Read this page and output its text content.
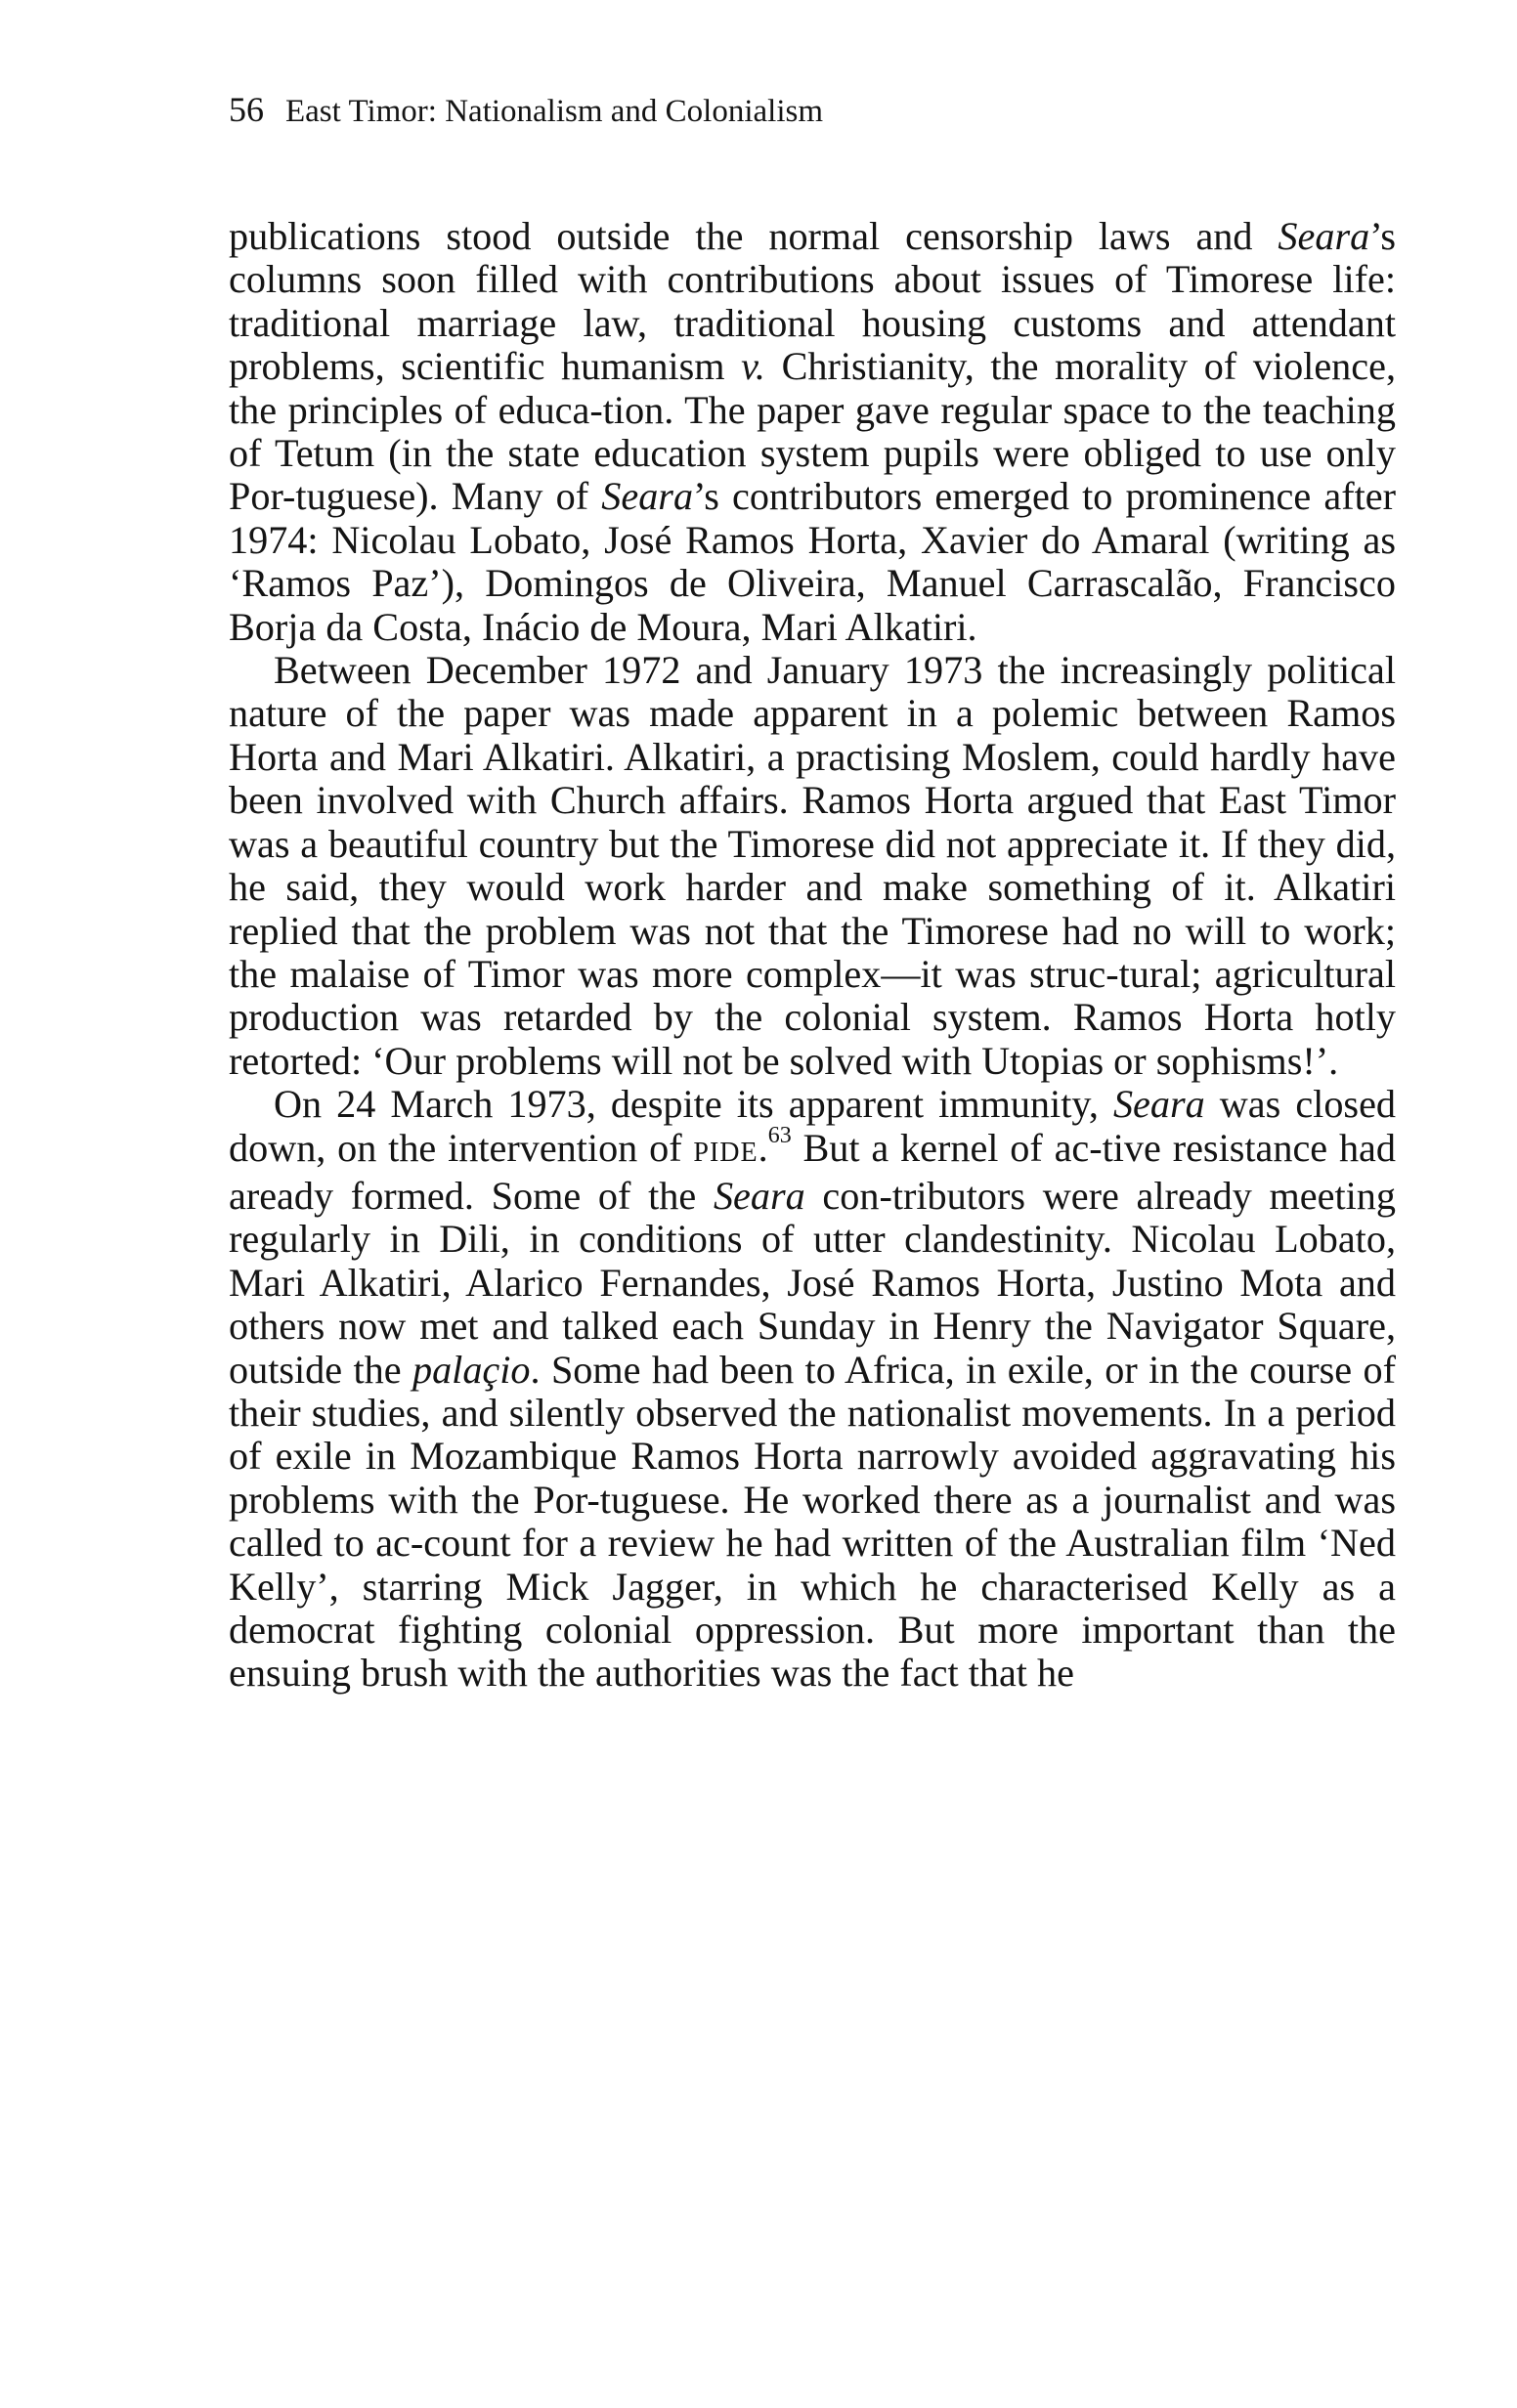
56 East Timor: Nationalism and Colonialism

publications stood outside the normal censorship laws and Seara’s columns soon filled with contributions about issues of Timorese life: traditional marriage law, traditional housing customs and attendant problems, scientific humanism v. Christianity, the morality of violence, the principles of educa-tion. The paper gave regular space to the teaching of Tetum (in the state education system pupils were obliged to use only Por-tuguese). Many of Seara’s contributors emerged to prominence after 1974: Nicolau Lobato, José Ramos Horta, Xavier do Amaral (writing as ‘Ramos Paz’), Domingos de Oliveira, Manuel Carrascalão, Francisco Borja da Costa, Inácio de Moura, Mari Alkatiri.

Between December 1972 and January 1973 the increasingly political nature of the paper was made apparent in a polemic between Ramos Horta and Mari Alkatiri. Alkatiri, a practising Moslem, could hardly have been involved with Church affairs. Ramos Horta argued that East Timor was a beautiful country but the Timorese did not appreciate it. If they did, he said, they would work harder and make something of it. Alkatiri replied that the problem was not that the Timorese had no will to work; the malaise of Timor was more complex—it was struc-tural; agricultural production was retarded by the colonial system. Ramos Horta hotly retorted: ‘Our problems will not be solved with Utopias or sophisms!’.

On 24 March 1973, despite its apparent immunity, Seara was closed down, on the intervention of PIDE.$^{63}$ But a kernel of ac-tive resistance had aready formed. Some of the Seara con-tributors were already meeting regularly in Dili, in conditions of utter clandestinity. Nicolau Lobato, Mari Alkatiri, Alarico Fernandes, José Ramos Horta, Justino Mota and others now met and talked each Sunday in Henry the Navigator Square, outside the palaçio. Some had been to Africa, in exile, or in the course of their studies, and silently observed the nationalist movements. In a period of exile in Mozambique Ramos Horta narrowly avoided aggravating his problems with the Por-tuguese. He worked there as a journalist and was called to ac-count for a review he had written of the Australian film ‘Ned Kelly’, starring Mick Jagger, in which he characterised Kelly as a democrat fighting colonial oppression. But more important than the ensuing brush with the authorities was the fact that he
